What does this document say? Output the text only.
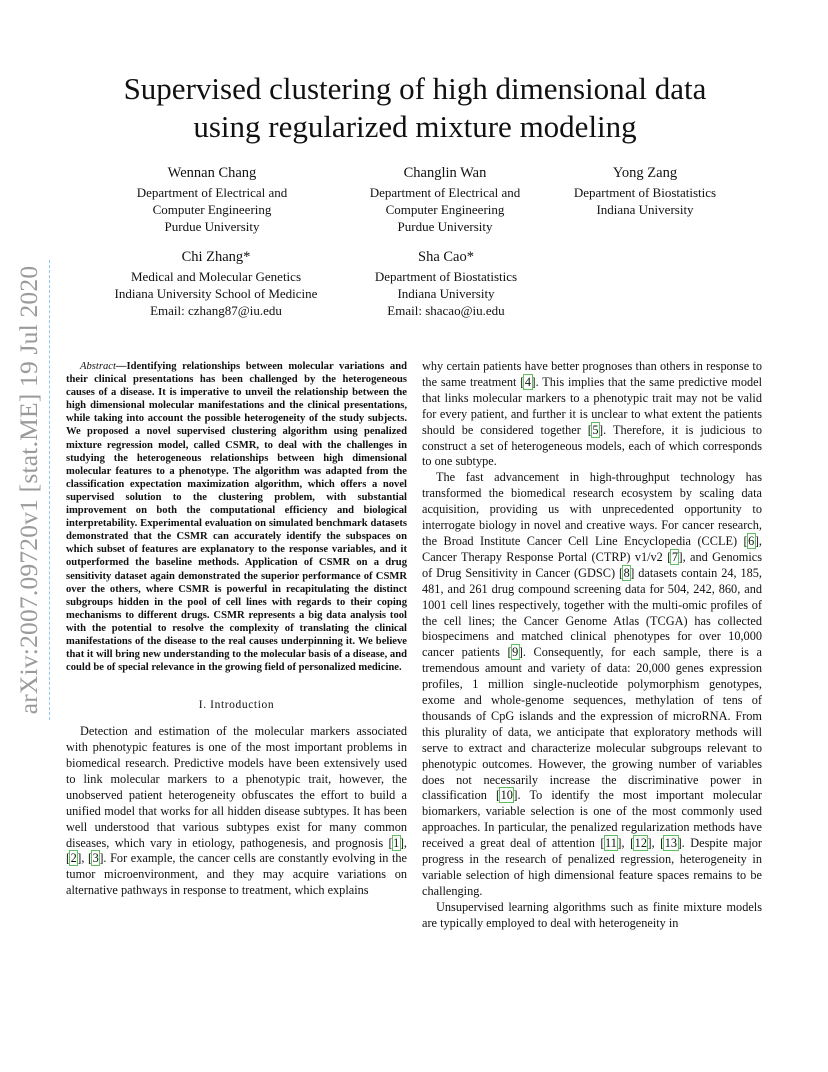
arXiv:2007.09720v1 [stat.ME] 19 Jul 2020
Supervised clustering of high dimensional data
using regularized mixture modeling
Wennan Chang
Department of Electrical and
Computer Engineering
Purdue University
Changlin Wan
Department of Electrical and
Computer Engineering
Purdue University
Yong Zang
Department of Biostatistics
Indiana University
Chi Zhang*
Medical and Molecular Genetics
Indiana University School of Medicine
Email: czhang87@iu.edu
Sha Cao*
Department of Biostatistics
Indiana University
Email: shacao@iu.edu

Abstract—Identifying relationships between molecular variations and their clinical presentations has been challenged by the heterogeneous causes of a disease. It is imperative to unveil the relationship between the high dimensional molecular manifestations and the clinical presentations, while taking into account the possible heterogeneity of the study subjects. We proposed a novel supervised clustering algorithm using penalized mixture regression model, called CSMR, to deal with the challenges in studying the heterogeneous relationships between high dimensional molecular features to a phenotype. The algorithm was adapted from the classification expectation maximization algorithm, which offers a novel supervised solution to the clustering problem, with substantial improvement on both the computational efficiency and biological interpretability. Experimental evaluation on simulated benchmark datasets demonstrated that the CSMR can accurately identify the subspaces on which subset of features are explanatory to the response variables, and it outperformed the baseline methods. Application of CSMR on a drug sensitivity dataset again demonstrated the superior performance of CSMR over the others, where CSMR is powerful in recapitulating the distinct subgroups hidden in the pool of cell lines with regards to their coping mechanisms to different drugs. CSMR represents a big data analysis tool with the potential to resolve the complexity of translating the clinical manifestations of the disease to the real causes underpinning it. We believe that it will bring new understanding to the molecular basis of a disease, and could be of special relevance in the growing field of personalized medicine.

I. Introduction

Detection and estimation of the molecular markers associated with phenotypic features is one of the most important problems in biomedical research. Predictive models have been extensively used to link molecular markers to a phenotypic trait, however, the unobserved patient heterogeneity obfuscates the effort to build a unified model that works for all hidden disease subtypes. It has been well understood that various subtypes exist for many common diseases, which vary in etiology, pathogenesis, and prognosis [1], [2], [3]. For example, the cancer cells are constantly evolving in the tumor microenvironment, and they may acquire variations on alternative pathways in response to treatment, which explains

why certain patients have better prognoses than others in response to the same treatment [4]. This implies that the same predictive model that links molecular markers to a phenotypic trait may not be valid for every patient, and further it is unclear to what extent the patients should be considered together [5]. Therefore, it is judicious to construct a set of heterogeneous models, each of which corresponds to one subtype.

The fast advancement in high-throughput technology has transformed the biomedical research ecosystem by scaling data acquisition, providing us with unprecedented opportunity to interrogate biology in novel and creative ways. For cancer research, the Broad Institute Cancer Cell Line Encyclopedia (CCLE) [6], Cancer Therapy Response Portal (CTRP) v1/v2 [7], and Genomics of Drug Sensitivity in Cancer (GDSC) [8] datasets contain 24, 185, 481, and 261 drug compound screening data for 504, 242, 860, and 1001 cell lines respectively, together with the multi-omic profiles of the cell lines; the Cancer Genome Atlas (TCGA) has collected biospecimens and matched clinical phenotypes for over 10,000 cancer patients [9]. Consequently, for each sample, there is a tremendous amount and variety of data: 20,000 genes expression profiles, 1 million single-nucleotide polymorphism genotypes, exome and whole-genome sequences, methylation of tens of thousands of CpG islands and the expression of microRNA. From this plurality of data, we anticipate that exploratory methods will serve to extract and characterize molecular subgroups relevant to phenotypic outcomes. However, the growing number of variables does not necessarily increase the discriminative power in classification [10]. To identify the most important molecular biomarkers, variable selection is one of the most commonly used approaches. In particular, the penalized regularization methods have received a great deal of attention [11], [12], [13]. Despite major progress in the research of penalized regression, heterogeneity in variable selection of high dimensional feature spaces remains to be challenging.

Unsupervised learning algorithms such as finite mixture models are typically employed to deal with heterogeneity in
